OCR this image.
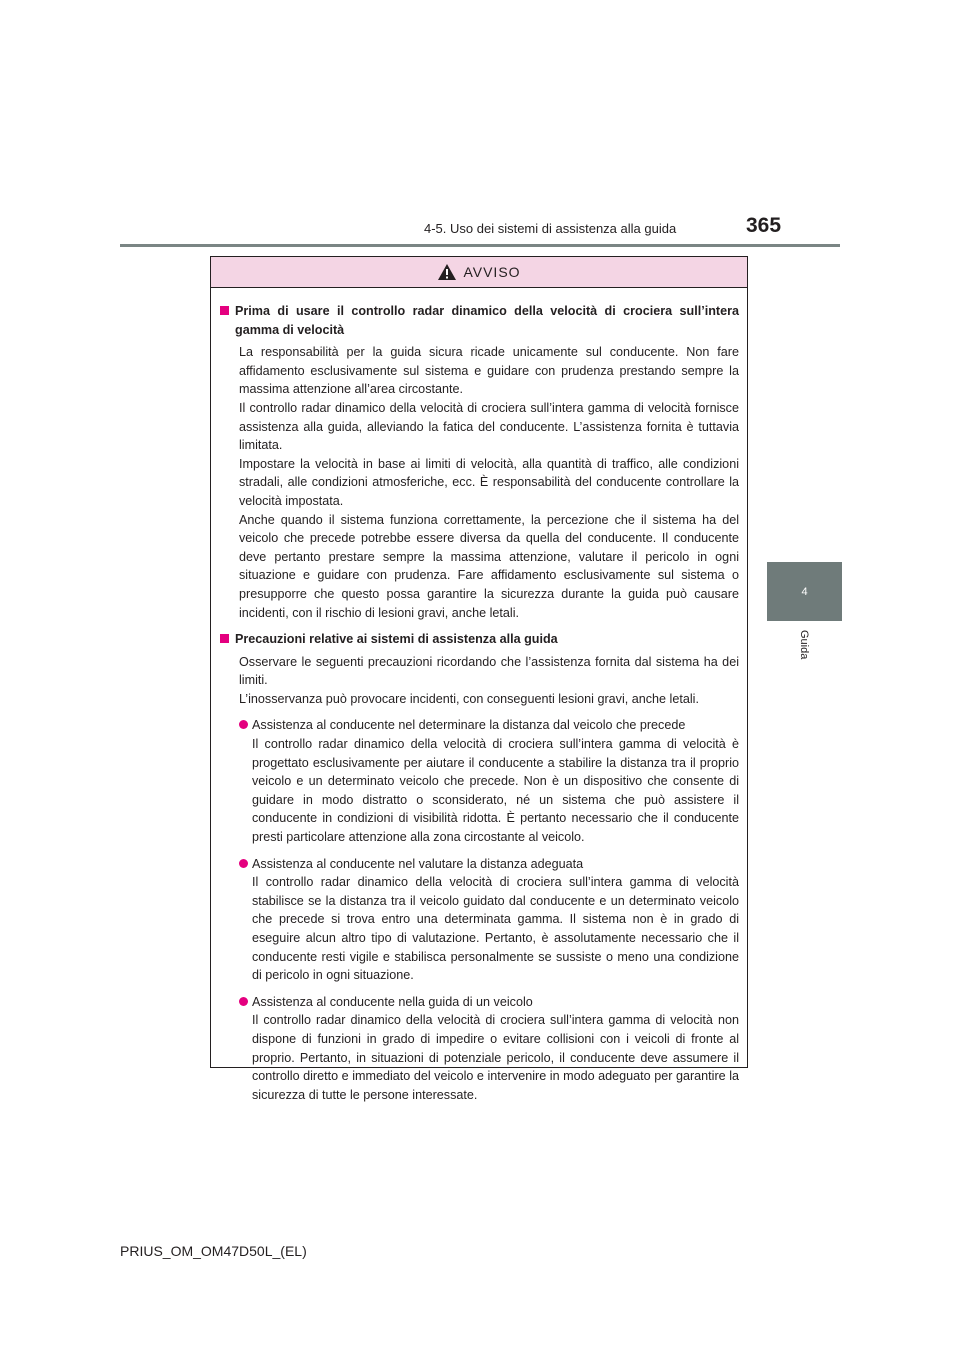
4-5. Uso dei sistemi di assistenza alla guida	365
4
Guida
AVVISO
Prima di usare il controllo radar dinamico della velocità di crociera sull’intera gamma di velocità

La responsabilità per la guida sicura ricade unicamente sul conducente. Non fare affidamento esclusivamente sul sistema e guidare con prudenza prestando sempre la massima attenzione all’area circostante.

Il controllo radar dinamico della velocità di crociera sull’intera gamma di velocità fornisce assistenza alla guida, alleviando la fatica del conducente. L’assistenza fornita è tuttavia limitata.

Impostare la velocità in base ai limiti di velocità, alla quantità di traffico, alle condizioni stradali, alle condizioni atmosferiche, ecc. È responsabilità del conducente controllare la velocità impostata.

Anche quando il sistema funziona correttamente, la percezione che il sistema ha del veicolo che precede potrebbe essere diversa da quella del conducente. Il conducente deve pertanto prestare sempre la massima attenzione, valutare il pericolo in ogni situazione e guidare con prudenza. Fare affidamento esclusivamente sul sistema o presupporre che questo possa garantire la sicurezza durante la guida può causare incidenti, con il rischio di lesioni gravi, anche letali.

Precauzioni relative ai sistemi di assistenza alla guida

Osservare le seguenti precauzioni ricordando che l’assistenza fornita dal sistema ha dei limiti.

L’inosservanza può provocare incidenti, con conseguenti lesioni gravi, anche letali.

Assistenza al conducente nel determinare la distanza dal veicolo che precede

Il controllo radar dinamico della velocità di crociera sull’intera gamma di velocità è progettato esclusivamente per aiutare il conducente a stabilire la distanza tra il proprio veicolo e un determinato veicolo che precede. Non è un dispositivo che consente di guidare in modo distratto o sconsiderato, né un sistema che può assistere il conducente in condizioni di visibilità ridotta. È pertanto necessario che il conducente presti particolare attenzione alla zona circostante al veicolo.

Assistenza al conducente nel valutare la distanza adeguata

Il controllo radar dinamico della velocità di crociera sull’intera gamma di velocità stabilisce se la distanza tra il veicolo guidato dal conducente e un determinato veicolo che precede si trova entro una determinata gamma. Il sistema non è in grado di eseguire alcun altro tipo di valutazione. Pertanto, è assolutamente necessario che il conducente resti vigile e stabilisca personalmente se sussiste o meno una condizione di pericolo in ogni situazione.

Assistenza al conducente nella guida di un veicolo

Il controllo radar dinamico della velocità di crociera sull’intera gamma di velocità non dispone di funzioni in grado di impedire o evitare collisioni con i veicoli di fronte al proprio. Pertanto, in situazioni di potenziale pericolo, il conducente deve assumere il controllo diretto e immediato del veicolo e intervenire in modo adeguato per garantire la sicurezza di tutte le persone interessate.

PRIUS_OM_OM47D50L_(EL)
